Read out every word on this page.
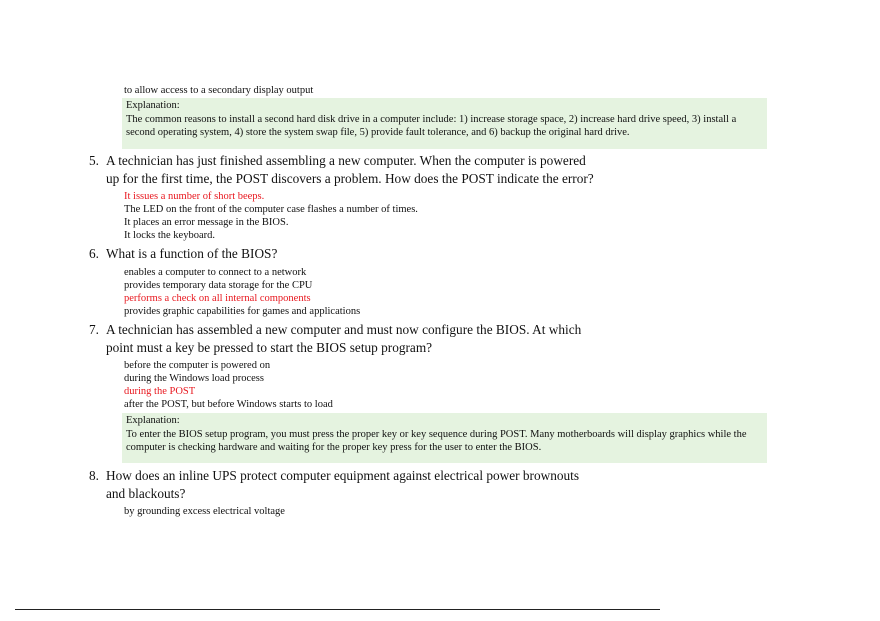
to allow access to a secondary display output
Explanation:
The common reasons to install a second hard disk drive in a computer include: 1) increase storage space, 2) increase hard drive speed, 3) install a second operating system, 4) store the system swap file, 5) provide fault tolerance, and 6) backup the original hard drive.
5. A technician has just finished assembling a new computer. When the computer is powered
up for the first time, the POST discovers a problem. How does the POST indicate the error?
It issues a number of short beeps.
The LED on the front of the computer case flashes a number of times.
It places an error message in the BIOS.
It locks the keyboard.
6. What is a function of the BIOS?
enables a computer to connect to a network
provides temporary data storage for the CPU
performs a check on all internal components
provides graphic capabilities for games and applications
7. A technician has assembled a new computer and must now configure the BIOS. At which
point must a key be pressed to start the BIOS setup program?
before the computer is powered on
during the Windows load process
during the POST
after the POST, but before Windows starts to load
Explanation:
To enter the BIOS setup program, you must press the proper key or key sequence during POST. Many motherboards will display graphics while the computer is checking hardware and waiting for the proper key press for the user to enter the BIOS.
8. How does an inline UPS protect computer equipment against electrical power brownouts
and blackouts?
by grounding excess electrical voltage
